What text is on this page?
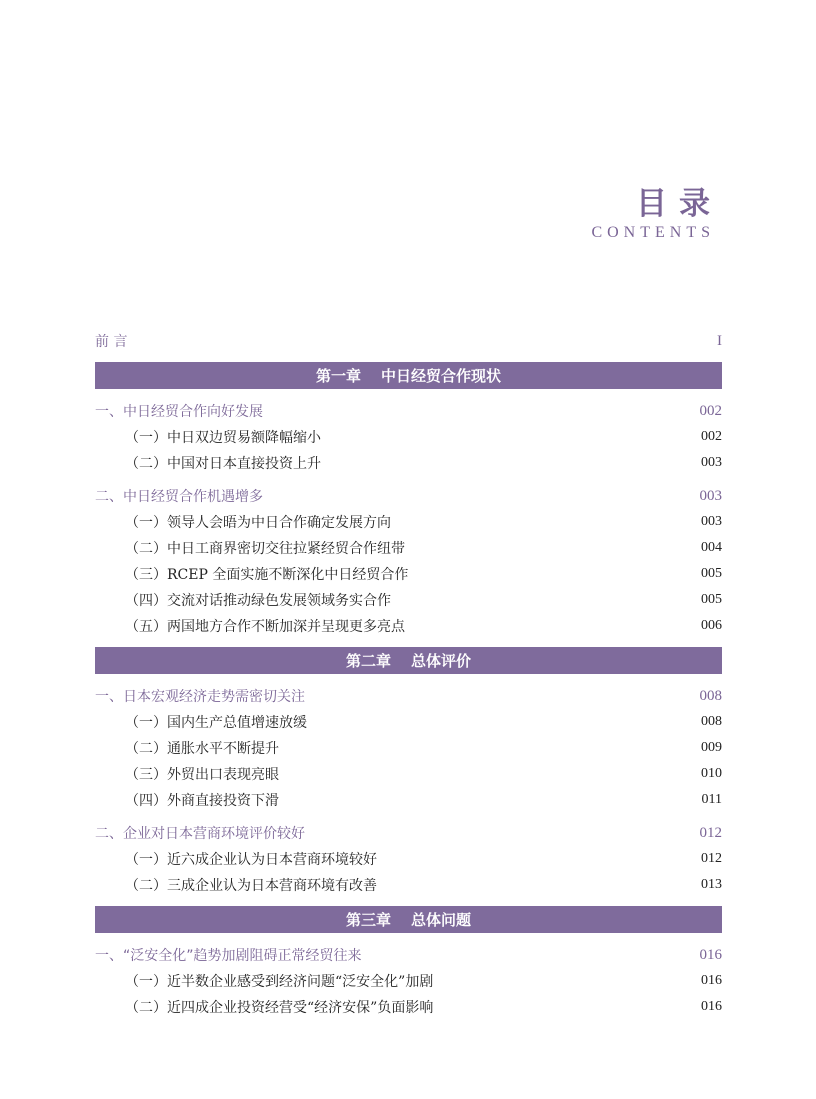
目录
CONTENTS
前 言	I
第一章 中日经贸合作现状
一、中日经贸合作向好发展	002
（一）中日双边贸易额降幅缩小	002
（二）中国对日本直接投资上升	003
二、中日经贸合作机遇增多	003
（一）领导人会晤为中日合作确定发展方向	003
（二）中日工商界密切交往拉紧经贸合作纽带	004
（三）RCEP 全面实施不断深化中日经贸合作	005
（四）交流对话推动绿色发展领域务实合作	005
（五）两国地方合作不断加深并呈现更多亮点	006
第二章 总体评价
一、日本宏观经济走势需密切关注	008
（一）国内生产总值增速放缓	008
（二）通胀水平不断提升	009
（三）外贸出口表现亮眼	010
（四）外商直接投资下滑	011
二、企业对日本营商环境评价较好	012
（一）近六成企业认为日本营商环境较好	012
（二）三成企业认为日本营商环境有改善	013
第三章 总体问题
一、“泛安全化”趋势加剧阻碍正常经贸往来	016
（一）近半数企业感受到经济问题“泛安全化”加剧	016
（二）近四成企业投资经营受“经济安保”负面影响	016
